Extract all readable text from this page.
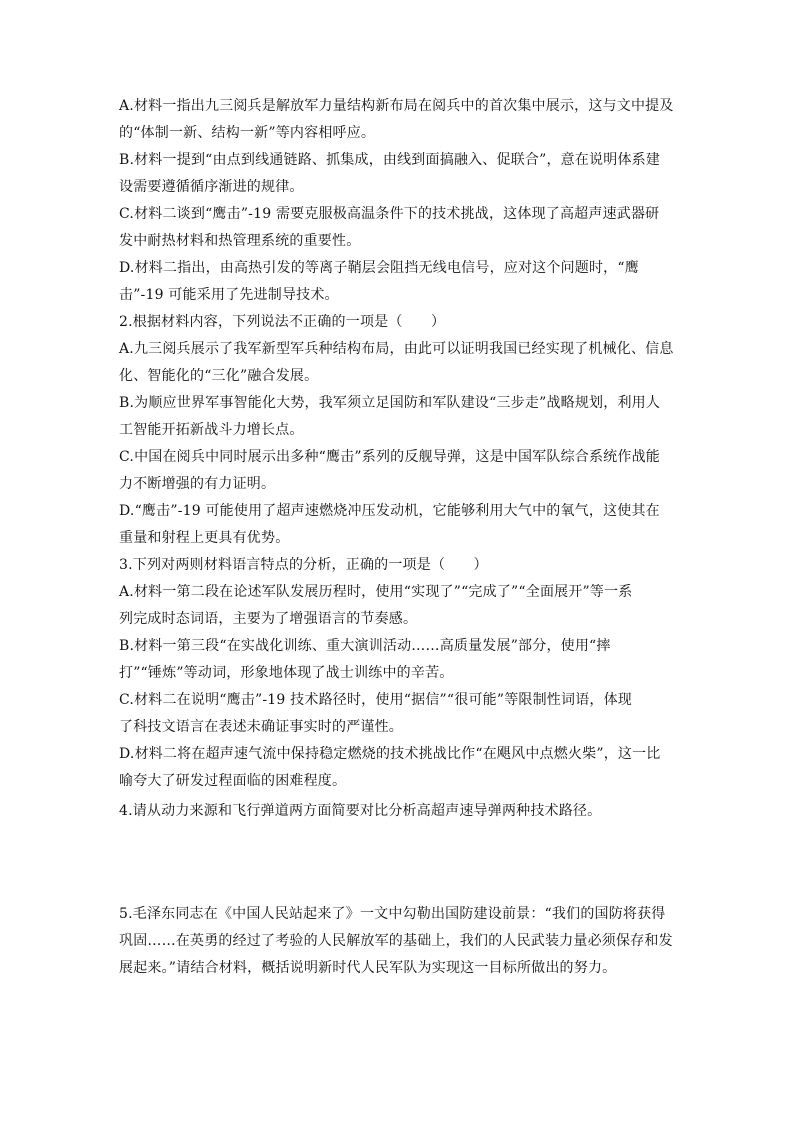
A.材料一指出九三阅兵是解放军力量结构新布局在阅兵中的首次集中展示，这与文中提及
的“体制一新、结构一新”等内容相呼应。
B.材料一提到“由点到线通链路、抓集成，由线到面搞融入、促联合”，意在说明体系建
设需要遵循循序渐进的规律。
C.材料二谈到“鹰击”-19 需要克服极高温条件下的技术挑战，这体现了高超声速武器研
发中耐热材料和热管理系统的重要性。
D.材料二指出，由高热引发的等离子鞘层会阻挡无线电信号，应对这个问题时，“鹰
击”-19 可能采用了先进制导技术。
2.根据材料内容，下列说法不正确的一项是（　　）
A.九三阅兵展示了我军新型军兵种结构布局，由此可以证明我国已经实现了机械化、信息
化、智能化的“三化”融合发展。
B.为顺应世界军事智能化大势，我军须立足国防和军队建设“三步走”战略规划，利用人
工智能开拓新战斗力增长点。
C.中国在阅兵中同时展示出多种“鹰击”系列的反舰导弹，这是中国军队综合系统作战能
力不断增强的有力证明。
D.“鹰击”-19 可能使用了超声速燃烧冲压发动机，它能够利用大气中的氧气，这使其在
重量和射程上更具有优势。
3.下列对两则材料语言特点的分析，正确的一项是（　　）
A.材料一第二段在论述军队发展历程时，使用“实现了”“完成了”“全面展开”等一系
列完成时态词语，主要为了增强语言的节奏感。
B.材料一第三段“在实战化训练、重大演训活动……高质量发展”部分，使用“摔
打”“锤炼”等动词，形象地体现了战士训练中的辛苦。
C.材料二在说明“鹰击”-19 技术路径时，使用“据信”“很可能”等限制性词语，体现
了科技文语言在表述未确证事实时的严谨性。
D.材料二将在超声速气流中保持稳定燃烧的技术挑战比作“在飓风中点燃火柴”，这一比
喻夸大了研发过程面临的困难程度。
4.请从动力来源和飞行弹道两方面简要对比分析高超声速导弹两种技术路径。
5.毛泽东同志在《中国人民站起来了》一文中勾勒出国防建设前景：“我们的国防将获得
巩固……在英勇的经过了考验的人民解放军的基础上，我们的人民武装力量必须保存和发
展起来。”请结合材料，概括说明新时代人民军队为实现这一目标所做出的努力。
